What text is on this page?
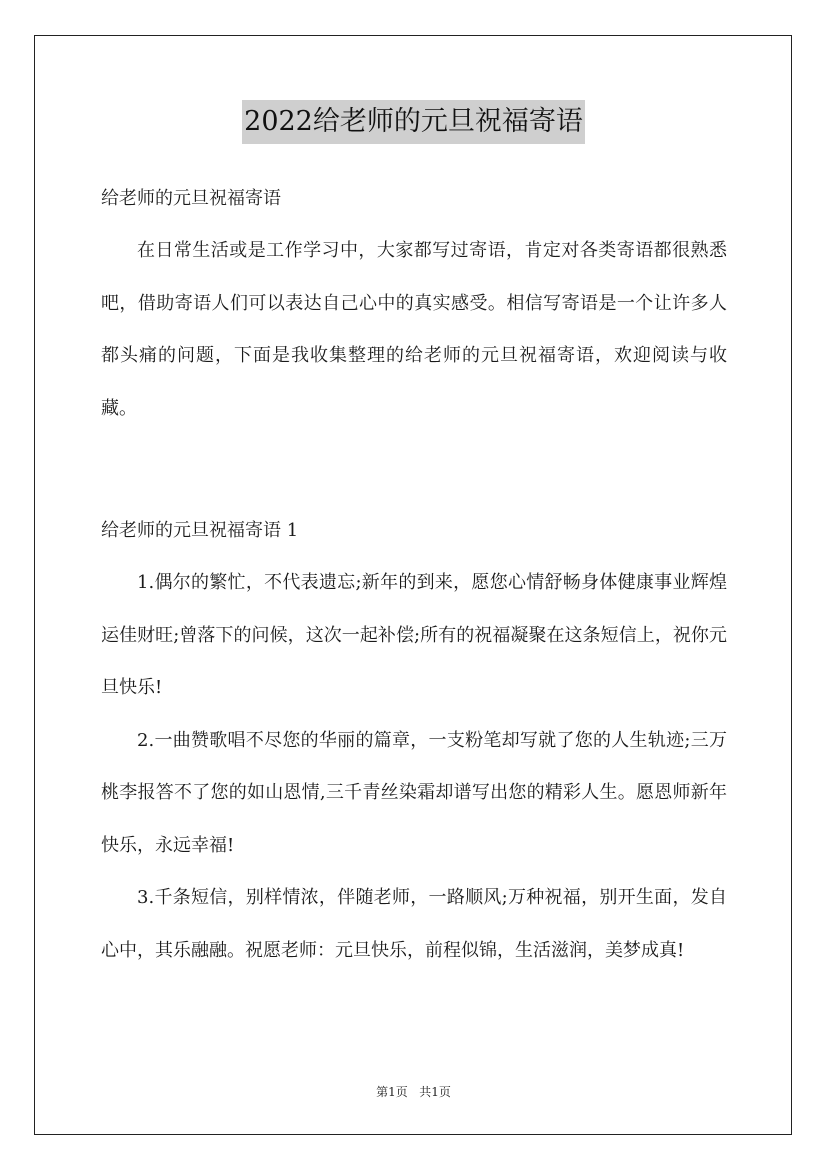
2022给老师的元旦祝福寄语

给老师的元旦祝福寄语

在日常生活或是工作学习中，大家都写过寄语，肯定对各类寄语都很熟悉吧，借助寄语人们可以表达自己心中的真实感受。相信写寄语是一个让许多人都头痛的问题，下面是我收集整理的给老师的元旦祝福寄语，欢迎阅读与收藏。

给老师的元旦祝福寄语 1

1.偶尔的繁忙，不代表遗忘;新年的到来，愿您心情舒畅身体健康事业辉煌运佳财旺;曾落下的问候，这次一起补偿;所有的祝福凝聚在这条短信上，祝你元旦快乐!

2.一曲赞歌唱不尽您的华丽的篇章，一支粉笔却写就了您的人生轨迹;三万桃李报答不了您的如山恩情,三千青丝染霜却谱写出您的精彩人生。愿恩师新年快乐，永远幸福!

3.千条短信，别样情浓，伴随老师，一路顺风;万种祝福，别开生面，发自心中，其乐融融。祝愿老师：元旦快乐，前程似锦，生活滋润，美梦成真!

第1页   共1页
